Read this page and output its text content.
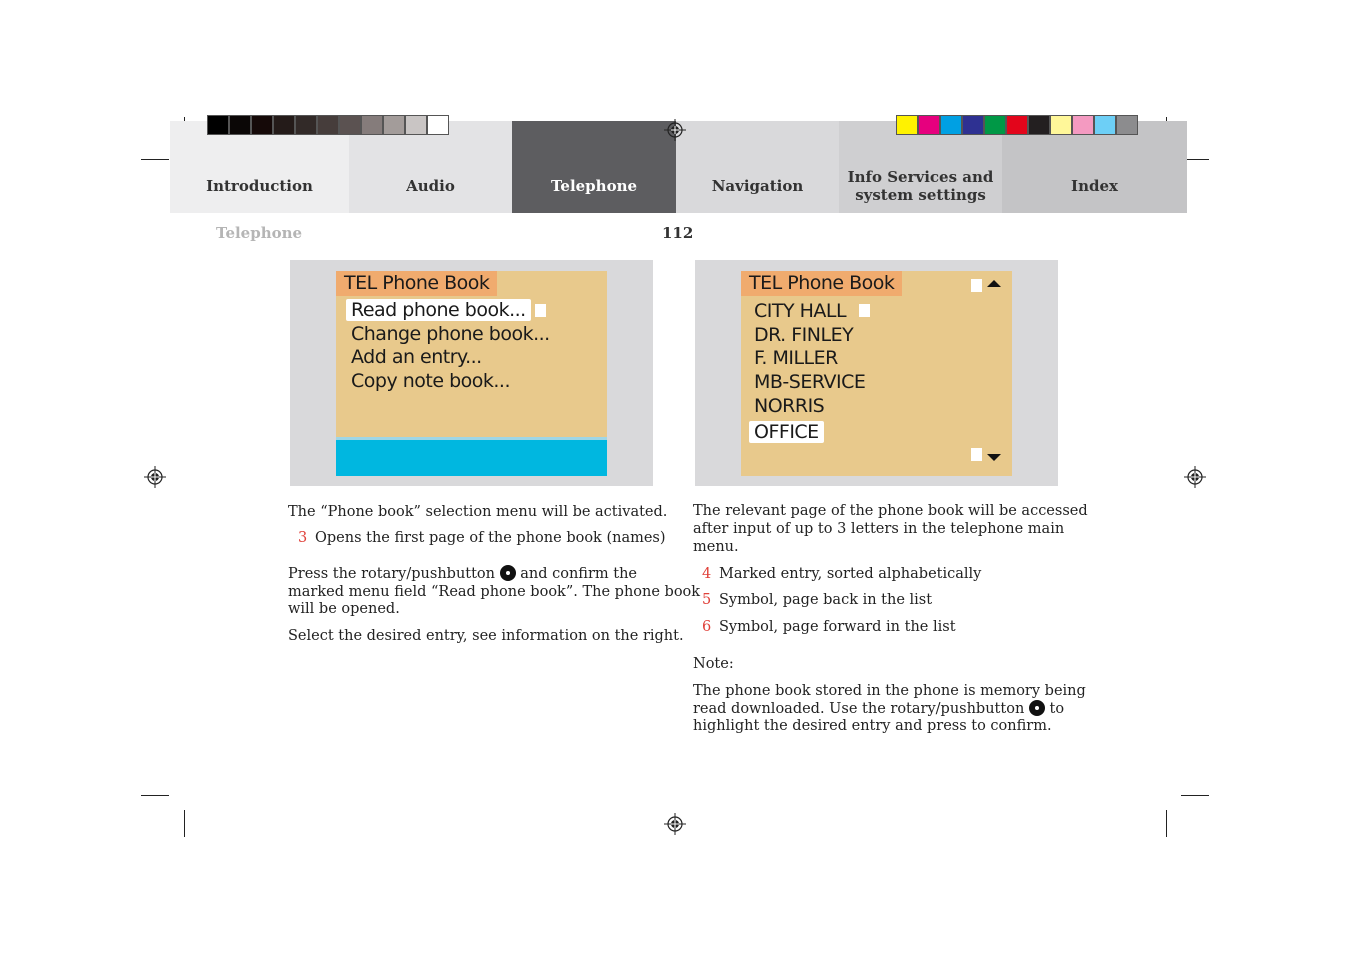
Introduction	Audio	Telephone	Navigation	Info Services and
system settings	Index
Telephone	112
TEL Phone Book
Read phone book...
Change phone book...
Add an entry...
Copy note book...
TEL Phone Book
CITY HALL
DR. FINLEY
F. MILLER
MB-SERVICE
NORRIS
OFFICE
The “Phone book” selection menu will be activated.
3 Opens the first page of the phone book (names)
Press the rotary/pushbutton and confirm the
marked menu field “Read phone book”. The phone book
will be opened.
Select the desired entry, see information on the right.
The relevant page of the phone book will be accessed
after input of up to 3 letters in the telephone main
menu.
4 Marked entry, sorted alphabetically
5 Symbol, page back in the list
6 Symbol, page forward in the list
Note:
The phone book stored in the phone is memory being
read downloaded. Use the rotary/pushbutton to
highlight the desired entry and press to confirm.
